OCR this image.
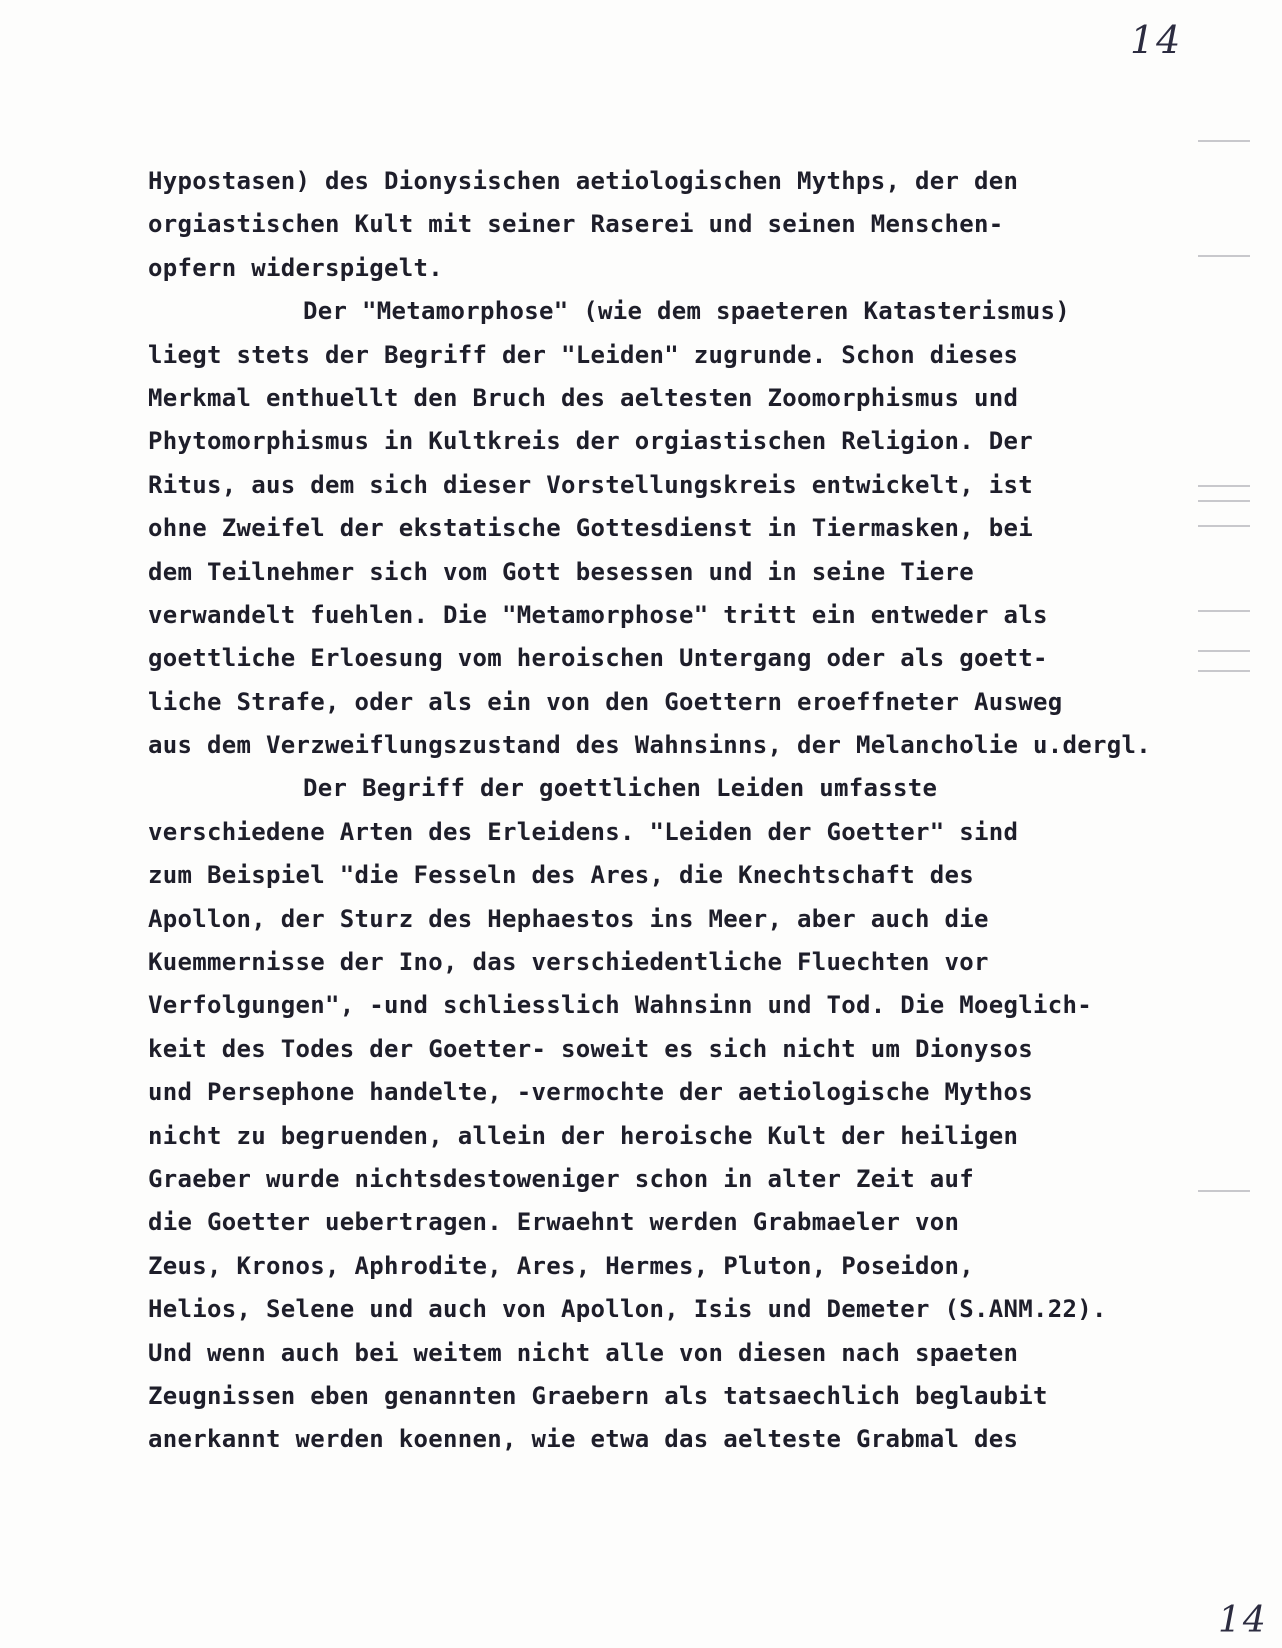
14
Hypostasen) des Dionysischen aetiologischen Mythps, der den
orgiastischen Kult mit seiner Raserei und seinen Menschen-
opfern widerspigelt.
Der "Metamorphose" (wie dem spaeteren Katasterismus)
liegt stets der Begriff der "Leiden" zugrunde. Schon dieses
Merkmal enthuellt den Bruch des aeltesten Zoomorphismus und
Phytomorphismus in Kultkreis der orgiastischen Religion. Der
Ritus, aus dem sich dieser Vorstellungskreis entwickelt, ist
ohne Zweifel der ekstatische Gottesdienst in Tiermasken, bei
dem Teilnehmer sich vom Gott besessen und in seine Tiere
verwandelt fuehlen. Die "Metamorphose" tritt ein entweder als
goettliche Erloesung vom heroischen Untergang oder als goett-
liche Strafe, oder als ein von den Goettern eroeffneter Ausweg
aus dem Verzweiflungszustand des Wahnsinns, der Melancholie u.dergl.
Der Begriff der goettlichen Leiden umfasste
verschiedene Arten des Erleidens. "Leiden der Goetter" sind
zum Beispiel "die Fesseln des Ares, die Knechtschaft des
Apollon, der Sturz des Hephaestos ins Meer, aber auch die
Kuemmernisse der Ino, das verschiedentliche Fluechten vor
Verfolgungen", -und schliesslich Wahnsinn und Tod. Die Moeglich-
keit des Todes der Goetter- soweit es sich nicht um Dionysos
und Persephone handelte, -vermochte der aetiologische Mythos
nicht zu begruenden, allein der heroische Kult der heiligen
Graeber wurde nichtsdestoweniger schon in alter Zeit auf
die Goetter uebertragen. Erwaehnt werden Grabmaeler von
Zeus, Kronos, Aphrodite, Ares, Hermes, Pluton, Poseidon,
Helios, Selene und auch von Apollon, Isis und Demeter (S.ANM.22).
Und wenn auch bei weitem nicht alle von diesen nach spaeten
Zeugnissen eben genannten Graebern als tatsaechlich beglaubit
anerkannt werden koennen, wie etwa das aelteste Grabmal des
14
